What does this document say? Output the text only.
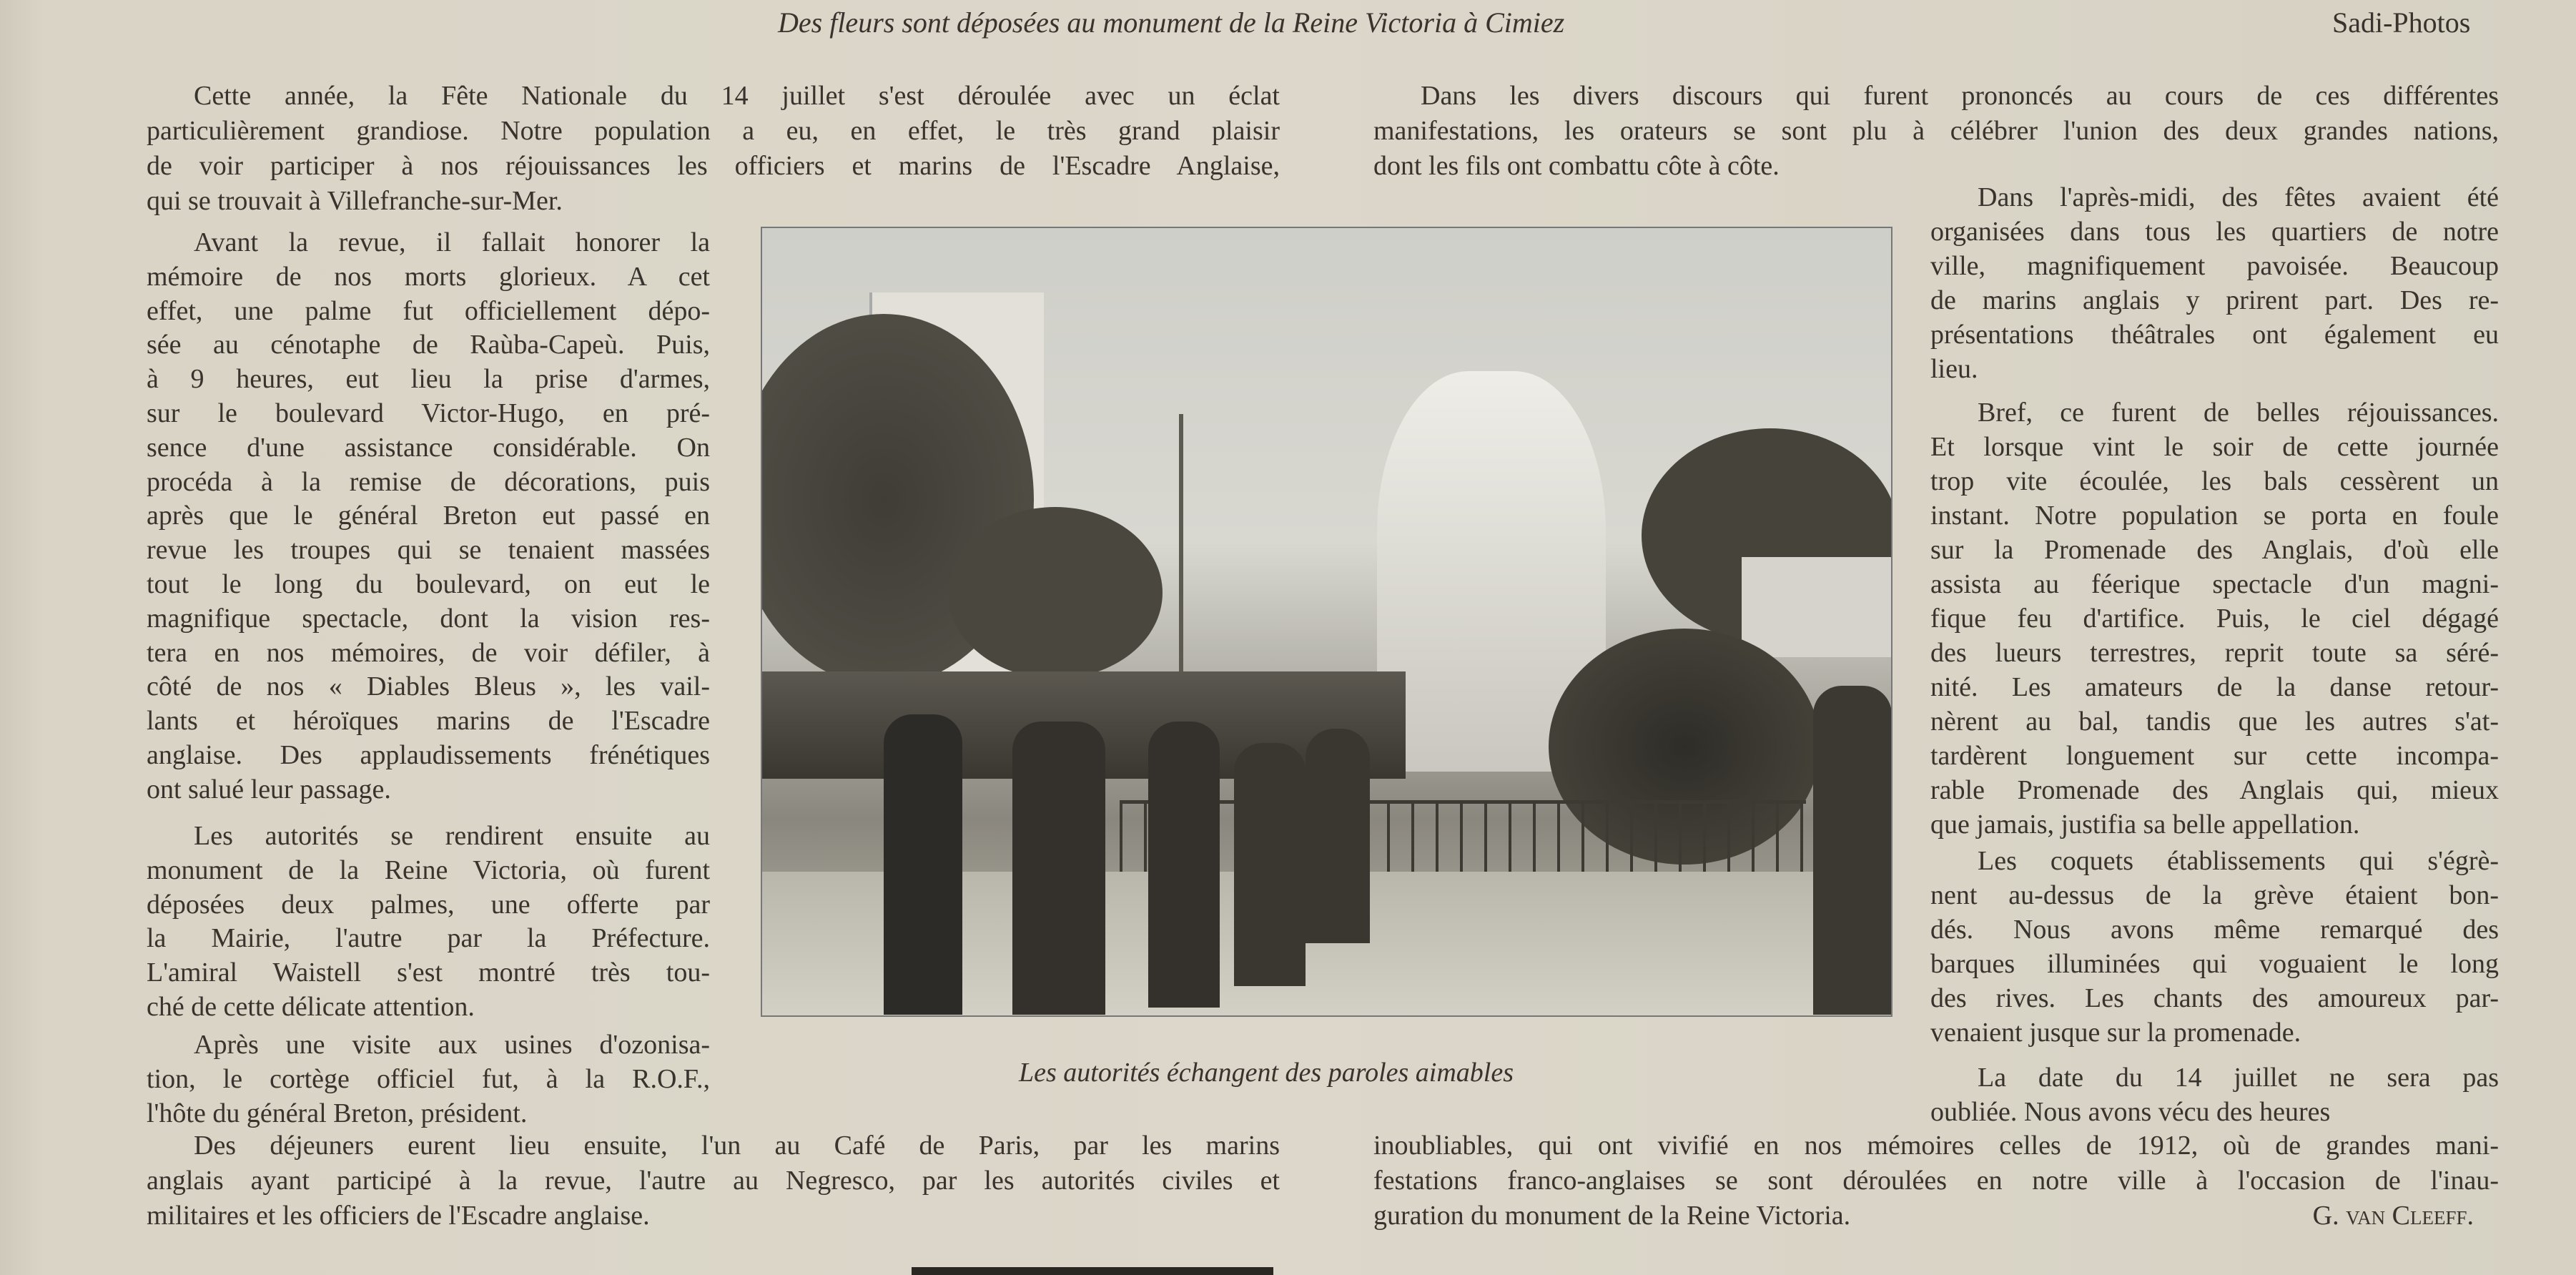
Des fleurs sont déposées au monument de la Reine Victoria à Cimiez	Sadi-Photos
Les autorités échangent des paroles aimables
Cette année, la Fête Nationale du 14 juillet s'est déroulée avec un éclat
particulièrement grandiose. Notre population a eu, en effet, le très grand plaisir
de voir participer à nos réjouissances les officiers et marins de l'Escadre Anglaise,
qui se trouvait à Villefranche-sur-Mer.
Avant la revue, il fallait honorer la
mémoire de nos morts glorieux. A cet
effet, une palme fut officiellement dépo-
sée au cénotaphe de Raùba-Capeù. Puis,
à 9 heures, eut lieu la prise d'armes,
sur le boulevard Victor-Hugo, en pré-
sence d'une assistance considérable. On
procéda à la remise de décorations, puis
après que le général Breton eut passé en
revue les troupes qui se tenaient massées
tout le long du boulevard, on eut le
magnifique spectacle, dont la vision res-
tera en nos mémoires, de voir défiler, à
côté de nos « Diables Bleus », les vail-
lants et héroïques marins de l'Escadre
anglaise. Des applaudissements frénétiques
ont salué leur passage.
Les autorités se rendirent ensuite au
monument de la Reine Victoria, où furent
déposées deux palmes, une offerte par
la Mairie, l'autre par la Préfecture.
L'amiral Waistell s'est montré très tou-
ché de cette délicate attention.
Après une visite aux usines d'ozonisa-
tion, le cortège officiel fut, à la R.O.F.,
l'hôte du général Breton, président.
Dans les divers discours qui furent prononcés au cours de ces différentes
manifestations, les orateurs se sont plu à célébrer l'union des deux grandes nations,
dont les fils ont combattu côte à côte.
Dans l'après-midi, des fêtes avaient été
organisées dans tous les quartiers de notre
ville, magnifiquement pavoisée. Beaucoup
de marins anglais y prirent part. Des re-
présentations théâtrales ont également eu
lieu.
Bref, ce furent de belles réjouissances.
Et lorsque vint le soir de cette journée
trop vite écoulée, les bals cessèrent un
instant. Notre population se porta en foule
sur la Promenade des Anglais, d'où elle
assista au féerique spectacle d'un magni-
fique feu d'artifice. Puis, le ciel dégagé
des lueurs terrestres, reprit toute sa séré-
nité. Les amateurs de la danse retour-
nèrent au bal, tandis que les autres s'at-
tardèrent longuement sur cette incompa-
rable Promenade des Anglais qui, mieux
que jamais, justifia sa belle appellation.
Les coquets établissements qui s'égrè-
nent au-dessus de la grève étaient bon-
dés. Nous avons même remarqué des
barques illuminées qui voguaient le long
des rives. Les chants des amoureux par-
venaient jusque sur la promenade.
La date du 14 juillet ne sera pas
oubliée. Nous avons vécu des heures
Des déjeuners eurent lieu ensuite, l'un au Café de Paris, par les marins
anglais ayant participé à la revue, l'autre au Negresco, par les autorités civiles et
militaires et les officiers de l'Escadre anglaise.
inoubliables, qui ont vivifié en nos mémoires celles de 1912, où de grandes mani-
festations franco-anglaises se sont déroulées en notre ville à l'occasion de l'inau-
guration du monument de la Reine Victoria.	G. van Cleeff.
